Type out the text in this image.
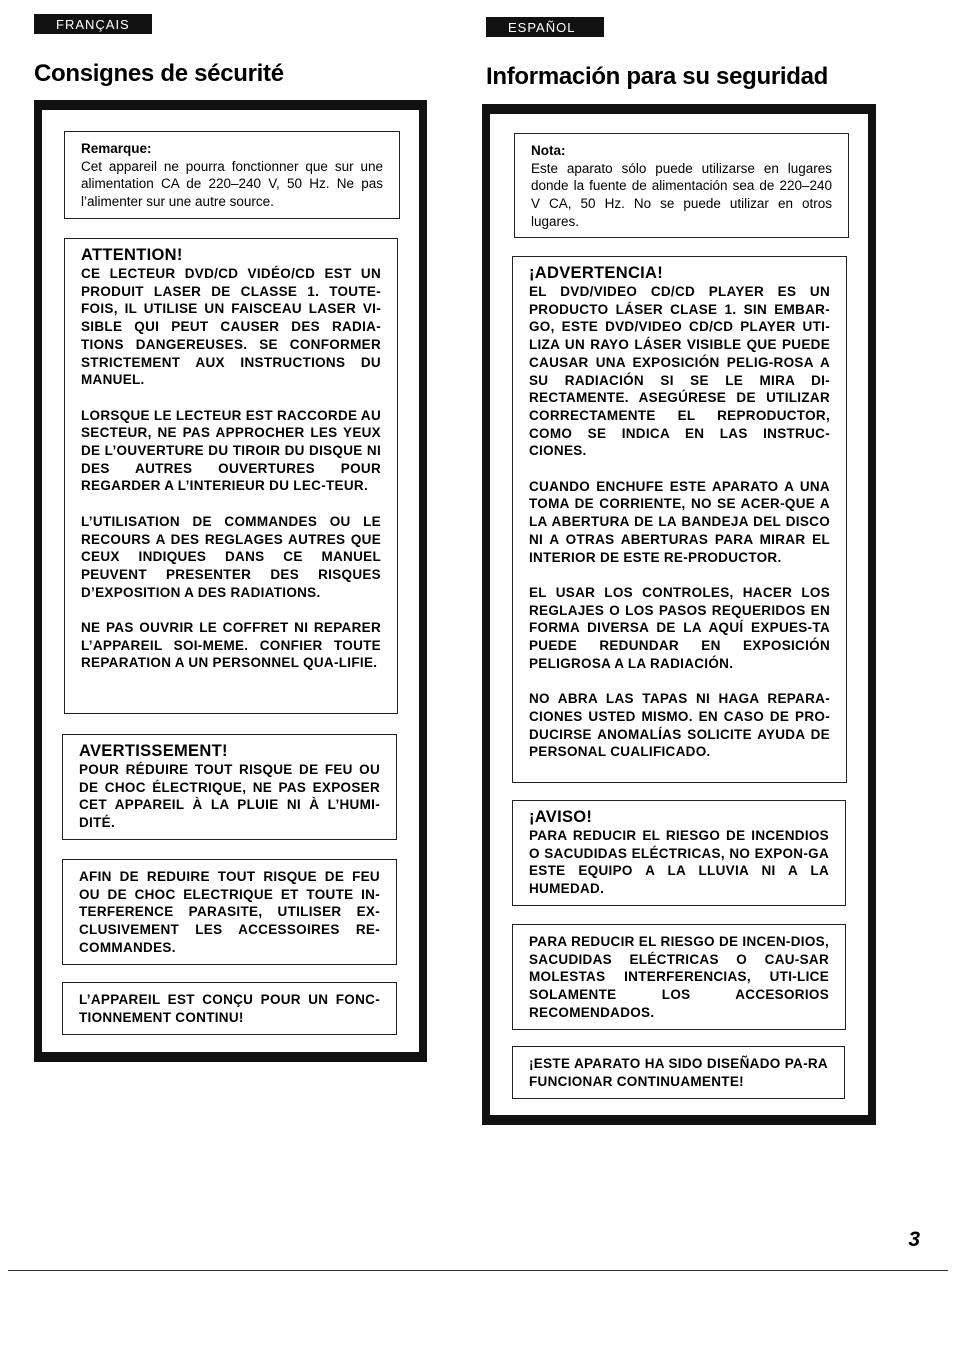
FRANÇAIS
Consignes de sécurité
Remarque:
Cet appareil ne pourra fonctionner que sur une alimentation CA de 220–240 V, 50 Hz. Ne pas l’alimenter sur une autre source.
ATTENTION!
CE LECTEUR DVD/CD VIDÉO/CD EST UN PRODUIT LASER DE CLASSE 1. TOUTE-FOIS, IL UTILISE UN FAISCEAU LASER VI-SIBLE QUI PEUT CAUSER DES RADIA-TIONS DANGEREUSES. SE CONFORMER STRICTEMENT AUX INSTRUCTIONS DU MANUEL.
LORSQUE LE LECTEUR EST RACCORDE AU SECTEUR, NE PAS APPROCHER LES YEUX DE L’OUVERTURE DU TIROIR DU DISQUE NI DES AUTRES OUVERTURES POUR REGARDER A L’INTERIEUR DU LEC-TEUR.
L’UTILISATION DE COMMANDES OU LE RECOURS A DES REGLAGES AUTRES QUE CEUX INDIQUES DANS CE MANUEL PEUVENT PRESENTER DES RISQUES D’EXPOSITION A DES RADIATIONS.
NE PAS OUVRIR LE COFFRET NI REPARER L’APPAREIL SOI-MEME. CONFIER TOUTE REPARATION A UN PERSONNEL QUA-LIFIE.
AVERTISSEMENT!
POUR RÉDUIRE TOUT RISQUE DE FEU OU DE CHOC ÉLECTRIQUE, NE PAS EXPOSER CET APPAREIL À LA PLUIE NI À L’HUMI-DITÉ.
AFIN DE REDUIRE TOUT RISQUE DE FEU OU DE CHOC ELECTRIQUE ET TOUTE IN-TERFERENCE PARASITE, UTILISER EX-CLUSIVEMENT LES ACCESSOIRES RE-COMMANDES.
L’APPAREIL EST CONÇU POUR UN FONC-TIONNEMENT CONTINU!
ESPAÑOL
Información para su seguridad
Nota:
Este aparato sólo puede utilizarse en lugares donde la fuente de alimentación sea de 220–240 V CA, 50 Hz. No se puede utilizar en otros lugares.
¡ADVERTENCIA!
EL DVD/VIDEO CD/CD PLAYER ES UN PRODUCTO LÁSER CLASE 1. SIN EMBAR-GO, ESTE DVD/VIDEO CD/CD PLAYER UTI-LIZA UN RAYO LÁSER VISIBLE QUE PUEDE CAUSAR UNA EXPOSICIÓN PELIG-ROSA A SU RADIACIÓN SI SE LE MIRA DI-RECTAMENTE. ASEGÚRESE DE UTILIZAR CORRECTAMENTE EL REPRODUCTOR, COMO SE INDICA EN LAS INSTRUC-CIONES.
CUANDO ENCHUFE ESTE APARATO A UNA TOMA DE CORRIENTE, NO SE ACER-QUE A LA ABERTURA DE LA BANDEJA DEL DISCO NI A OTRAS ABERTURAS PARA MIRAR EL INTERIOR DE ESTE RE-PRODUCTOR.
EL USAR LOS CONTROLES, HACER LOS REGLAJES O LOS PASOS REQUERIDOS EN FORMA DIVERSA DE LA AQUÍ EXPUES-TA PUEDE REDUNDAR EN EXPOSICIÓN PELIGROSA A LA RADIACIÓN.
NO ABRA LAS TAPAS NI HAGA REPARA-CIONES USTED MISMO. EN CASO DE PRO-DUCIRSE ANOMALÍAS SOLICITE AYUDA DE PERSONAL CUALIFICADO.
¡AVISO!
PARA REDUCIR EL RIESGO DE INCENDIOS O SACUDIDAS ELÉCTRICAS, NO EXPON-GA ESTE EQUIPO A LA LLUVIA NI A LA HUMEDAD.
PARA REDUCIR EL RIESGO DE INCEN-DIOS, SACUDIDAS ELÉCTRICAS O CAU-SAR MOLESTAS INTERFERENCIAS, UTI-LICE SOLAMENTE LOS ACCESORIOS RECOMENDADOS.
¡ESTE APARATO HA SIDO DISEÑADO PA-RA FUNCIONAR CONTINUAMENTE!
3
